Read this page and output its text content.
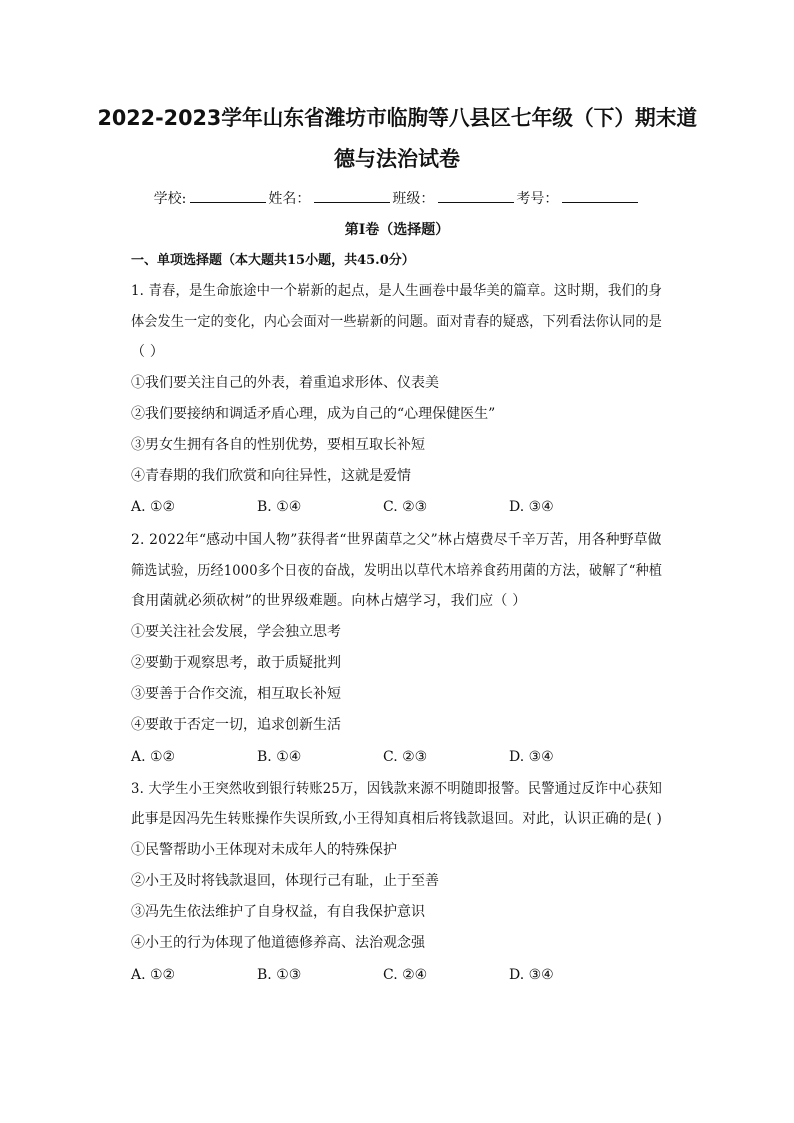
2022-2023学年山东省潍坊市临朐等八县区七年级（下）期末道
德与法治试卷
学校:	姓名：	班级：	考号：
第I卷（选择题）
一、单项选择题（本大题共15小题，共45.0分）
1. 青春，是生命旅途中一个崭新的起点，是人生画卷中最华美的篇章。这时期，我们的身
体会发生一定的变化，内心会面对一些崭新的问题。面对青春的疑惑，下列看法你认同的是
（ ）
①我们要关注自己的外表，着重追求形体、仪表美
②我们要接纳和调适矛盾心理，成为自己的“心理保健医生”
③男女生拥有各自的性别优势，要相互取长补短
④青春期的我们欣赏和向往异性，这就是爱情
A. ①②	B. ①④	C. ②③	D. ③④
2. 2022年“感动中国人物”获得者“世界菌草之父”林占熺费尽千辛万苦，用各种野草做
筛选试验，历经1000多个日夜的奋战，发明出以草代木培养食药用菌的方法，破解了“种植
食用菌就必须砍树”的世界级难题。向林占熺学习，我们应（ ）
①要关注社会发展，学会独立思考
②要勤于观察思考，敢于质疑批判
③要善于合作交流，相互取长补短
④要敢于否定一切，追求创新生活
A. ①②	B. ①④	C. ②③	D. ③④
3. 大学生小王突然收到银行转账25万，因钱款来源不明随即报警。民警通过反诈中心获知
此事是因冯先生转账操作失误所致,小王得知真相后将钱款退回。对此，认识正确的是( )
①民警帮助小王体现对未成年人的特殊保护
②小王及时将钱款退回，体现行己有耻，止于至善
③冯先生依法维护了自身权益，有自我保护意识
④小王的行为体现了他道德修养高、法治观念强
A. ①②	B. ①③	C. ②④	D. ③④
